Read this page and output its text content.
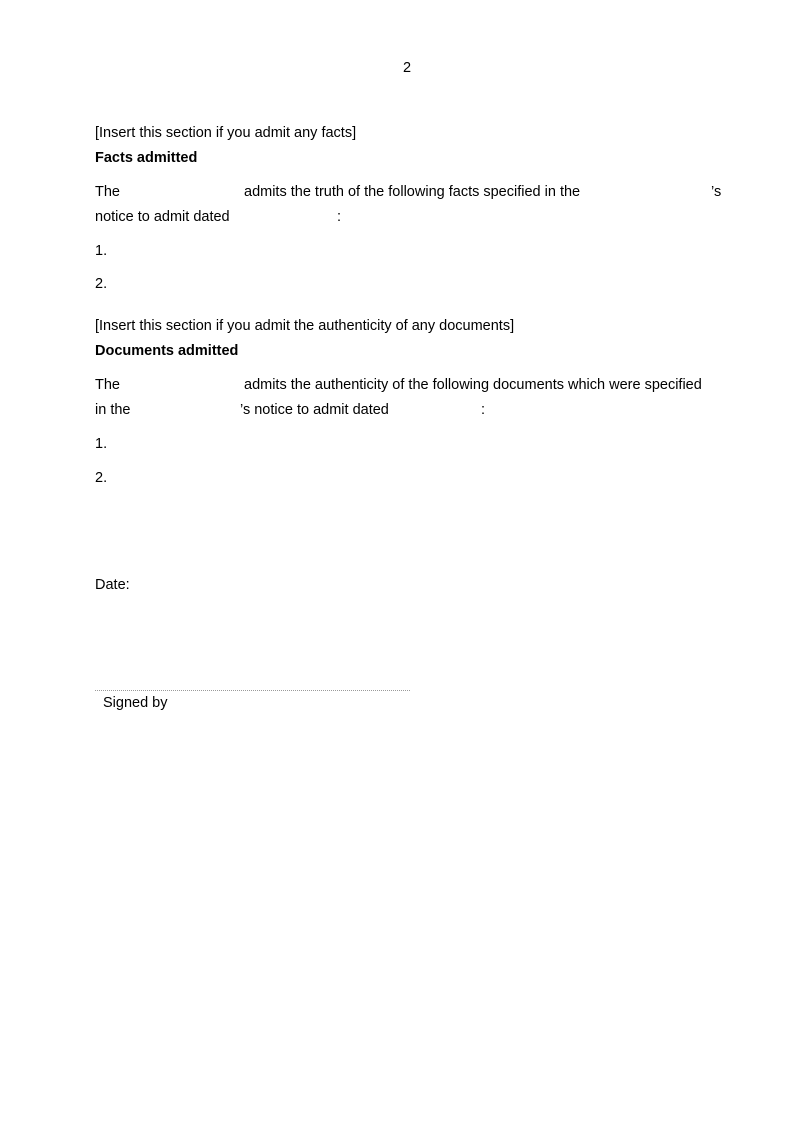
2
[Insert this section if you admit any facts]
Facts admitted
The	admits the truth of the following facts specified in the	’s
notice to admit dated	:
1.
2.
[Insert this section if you admit the authenticity of any documents]
Documents admitted
The	admits the authenticity of the following documents which were specified
in the	’s notice to admit dated	:
1.
2.
Date:
Signed by
